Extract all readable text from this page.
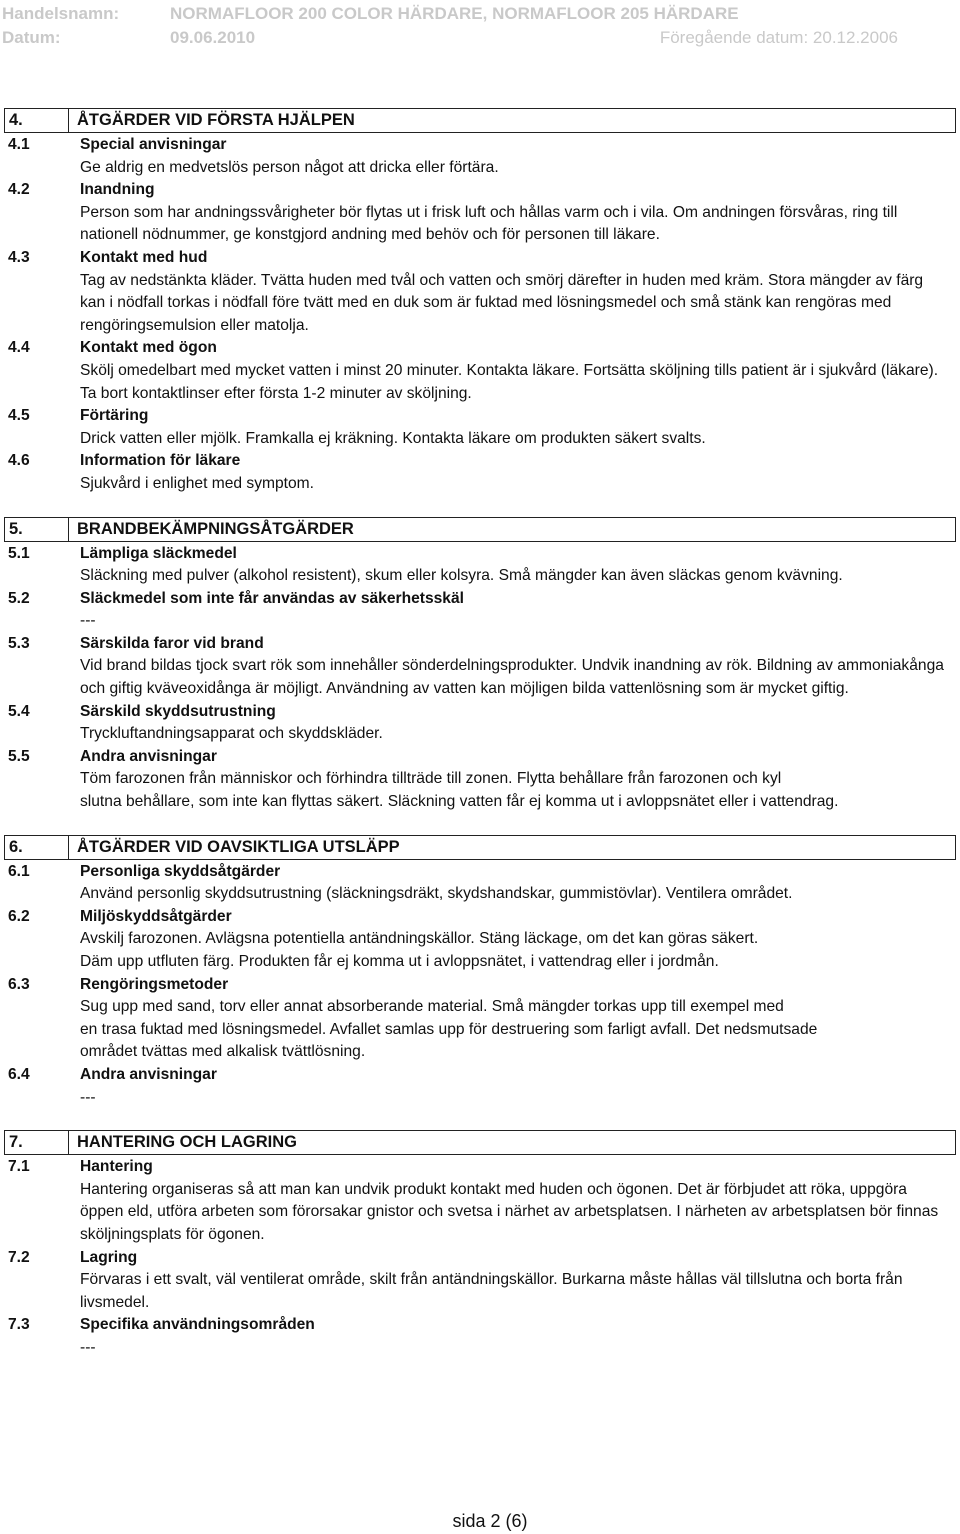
Handelsnamn:	NORMAFLOOR 200 COLOR HÄRDARE, NORMAFLOOR 205 HÄRDARE
Datum:	09.06.2010	Föregående datum: 20.12.2006
4.	ÅTGÄRDER VID FÖRSTA HJÄLPEN
4.1	Special anvisningar

Ge aldrig en medvetslös person något att dricka eller förtära.

4.2	Inandning

Person som har andningssvårigheter bör flytas ut i frisk luft och hållas varm och i vila. Om andningen försvåras, ring till nationell nödnummer, ge konstgjord andning med behöv och för personen till läkare.

4.3	Kontakt med hud

Tag av nedstänkta kläder. Tvätta huden med tvål och vatten och smörj därefter in huden med kräm. Stora mängder av färg kan i nödfall torkas i nödfall före tvätt med en duk som är fuktad med lösningsmedel och små stänk kan rengöras med rengöringsemulsion eller matolja.

4.4	Kontakt med ögon

Skölj omedelbart med mycket vatten i minst 20 minuter. Kontakta läkare. Fortsätta sköljning tills patient är i sjukvård (läkare). Ta bort kontaktlinser efter första 1-2 minuter av sköljning.

4.5	Förtäring

Drick vatten eller mjölk. Framkalla ej kräkning. Kontakta läkare om produkten säkert svalts.

4.6	Information för läkare

Sjukvård i enlighet med symptom.

5.	BRANDBEKÄMPNINGSÅTGÄRDER
5.1	Lämpliga släckmedel

Släckning med pulver (alkohol resistent), skum eller kolsyra. Små mängder kan även släckas genom kvävning.

5.2	Släckmedel som inte får användas av säkerhetsskäl

---

5.3	Särskilda faror vid brand

Vid brand bildas tjock svart rök som innehåller sönderdelningsprodukter. Undvik inandning av rök. Bildning av ammoniakånga och giftig kväveoxidånga är möjligt. Användning av vatten kan möjligen bilda vattenlösning som är mycket giftig.

5.4	Särskild skyddsutrustning

Tryckluftandningsapparat och skyddskläder.

5.5	Andra anvisningar

Töm farozonen från människor och förhindra tillträde till zonen. Flytta behållare från farozonen och kyl

slutna behållare, som inte kan flyttas säkert. Släckning vatten får ej komma ut i avloppsnätet eller i vattendrag.

6.	ÅTGÄRDER VID OAVSIKTLIGA UTSLÄPP
6.1	Personliga skyddsåtgärder

Använd personlig skyddsutrustning (släckningsdräkt, skydshandskar, gummistövlar). Ventilera området.

6.2	Miljöskyddsåtgärder

Avskilj farozonen. Avlägsna potentiella antändningskällor. Stäng läckage, om det kan göras säkert.

Däm upp utfluten färg. Produkten får ej komma ut i avloppsnätet, i vattendrag eller i jordmån.

6.3	Rengöringsmetoder

Sug upp med sand, torv eller annat absorberande material. Små mängder torkas upp till exempel med

en trasa fuktad med lösningsmedel. Avfallet samlas upp för destruering som farligt avfall. Det nedsmutsade

området tvättas med alkalisk tvättlösning.

6.4	Andra anvisningar

---

7.	HANTERING OCH LAGRING
7.1	Hantering

Hantering organiseras så att man kan undvik produkt kontakt med huden och ögonen. Det är förbjudet att röka, uppgöra öppen eld, utföra arbeten som förorsakar gnistor och svetsa i närhet av arbetsplatsen. I närheten av arbetsplatsen bör finnas sköljningsplats för ögonen.

7.2	Lagring

Förvaras i ett svalt, väl ventilerat område, skilt från antändningskällor. Burkarna måste hållas väl tillslutna och borta från livsmedel.

7.3	Specifika användningsområden

---

sida 2 (6)
